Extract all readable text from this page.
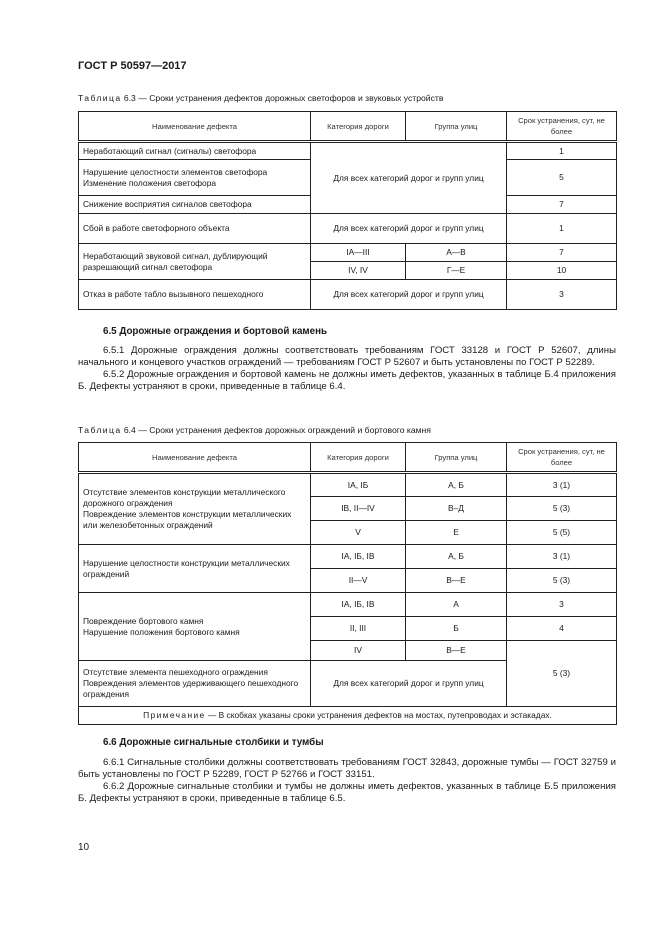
ГОСТ Р 50597—2017
Таблица 6.3 — Сроки устранения дефектов дорожных светофоров и звуковых устройств
Наименование дефекта	Категория дороги	Группа улиц	Срок устранения, сут, не более
Неработающий сигнал (сигналы) светофора	Для всех категорий дорог и групп улиц		1

Нарушение целостности элементов светофора
Изменение положения светофора			5
Снижение восприятия сигналов светофора			7
Сбой в работе светофорного объекта	Для всех категорий дорог и групп улиц		1
Неработающий звуковой сигнал, дублирующий разрешающий сигнал светофора	IA—III	А—В	7
	IV, IV	Г—Е	10
Отказ в работе табло вызывного пешеходного	Для всех категорий дорог и групп улиц		3
6.5 Дорожные ограждения и бортовой камень

6.5.1 Дорожные ограждения должны соответствовать требованиям ГОСТ 33128 и ГОСТ Р 52607, длины начального и концевого участков ограждений — требованиям ГОСТ Р 52607 и быть установлены по ГОСТ Р 52289.

6.5.2 Дорожные ограждения и бортовой камень не должны иметь дефектов, указанных в таблице Б.4 приложения Б. Дефекты устраняют в сроки, приведенные в таблице 6.4.

Таблица 6.4 — Сроки устранения дефектов дорожных ограждений и бортового камня
Наименование дефекта	Категория дороги	Группа улиц	Срок устранения, сут, не более

Отсутствие элементов конструкции металлического дорожного ограждения
Повреждение элементов конструкции металлических или железобетонных ограждений	IA, IБ	А, Б	3 (1)
	IB, II—IV	В–Д	5 (3)
	V	Е	5 (5)
Нарушение целостности конструкции металлических ограждений	IA, IБ, IB	А, Б	3 (1)
	II—V	В—Е	5 (3)

Повреждение бортового камня
Нарушение положения бортового камня	IA, IБ, IB	А	3
	II, III	Б	4
	IV	В—Е	5 (3)

Отсутствие элемента пешеходного ограждения
Повреждения элементов удерживающего пешеходного ограждения	Для всех категорий дорог и групп улиц		
Примечание — В скобках указаны сроки устранения дефектов на мостах, путепроводах и эстакадах.			
6.6 Дорожные сигнальные столбики и тумбы

6.6.1 Сигнальные столбики должны соответствовать требованиям ГОСТ 32843, дорожные тумбы — ГОСТ 32759 и быть установлены по ГОСТ Р 52289, ГОСТ Р 52766 и ГОСТ 33151.

6.6.2 Дорожные сигнальные столбики и тумбы не должны иметь дефектов, указанных в таблице Б.5 приложения Б. Дефекты устраняют в сроки, приведенные в таблице 6.5.

10
